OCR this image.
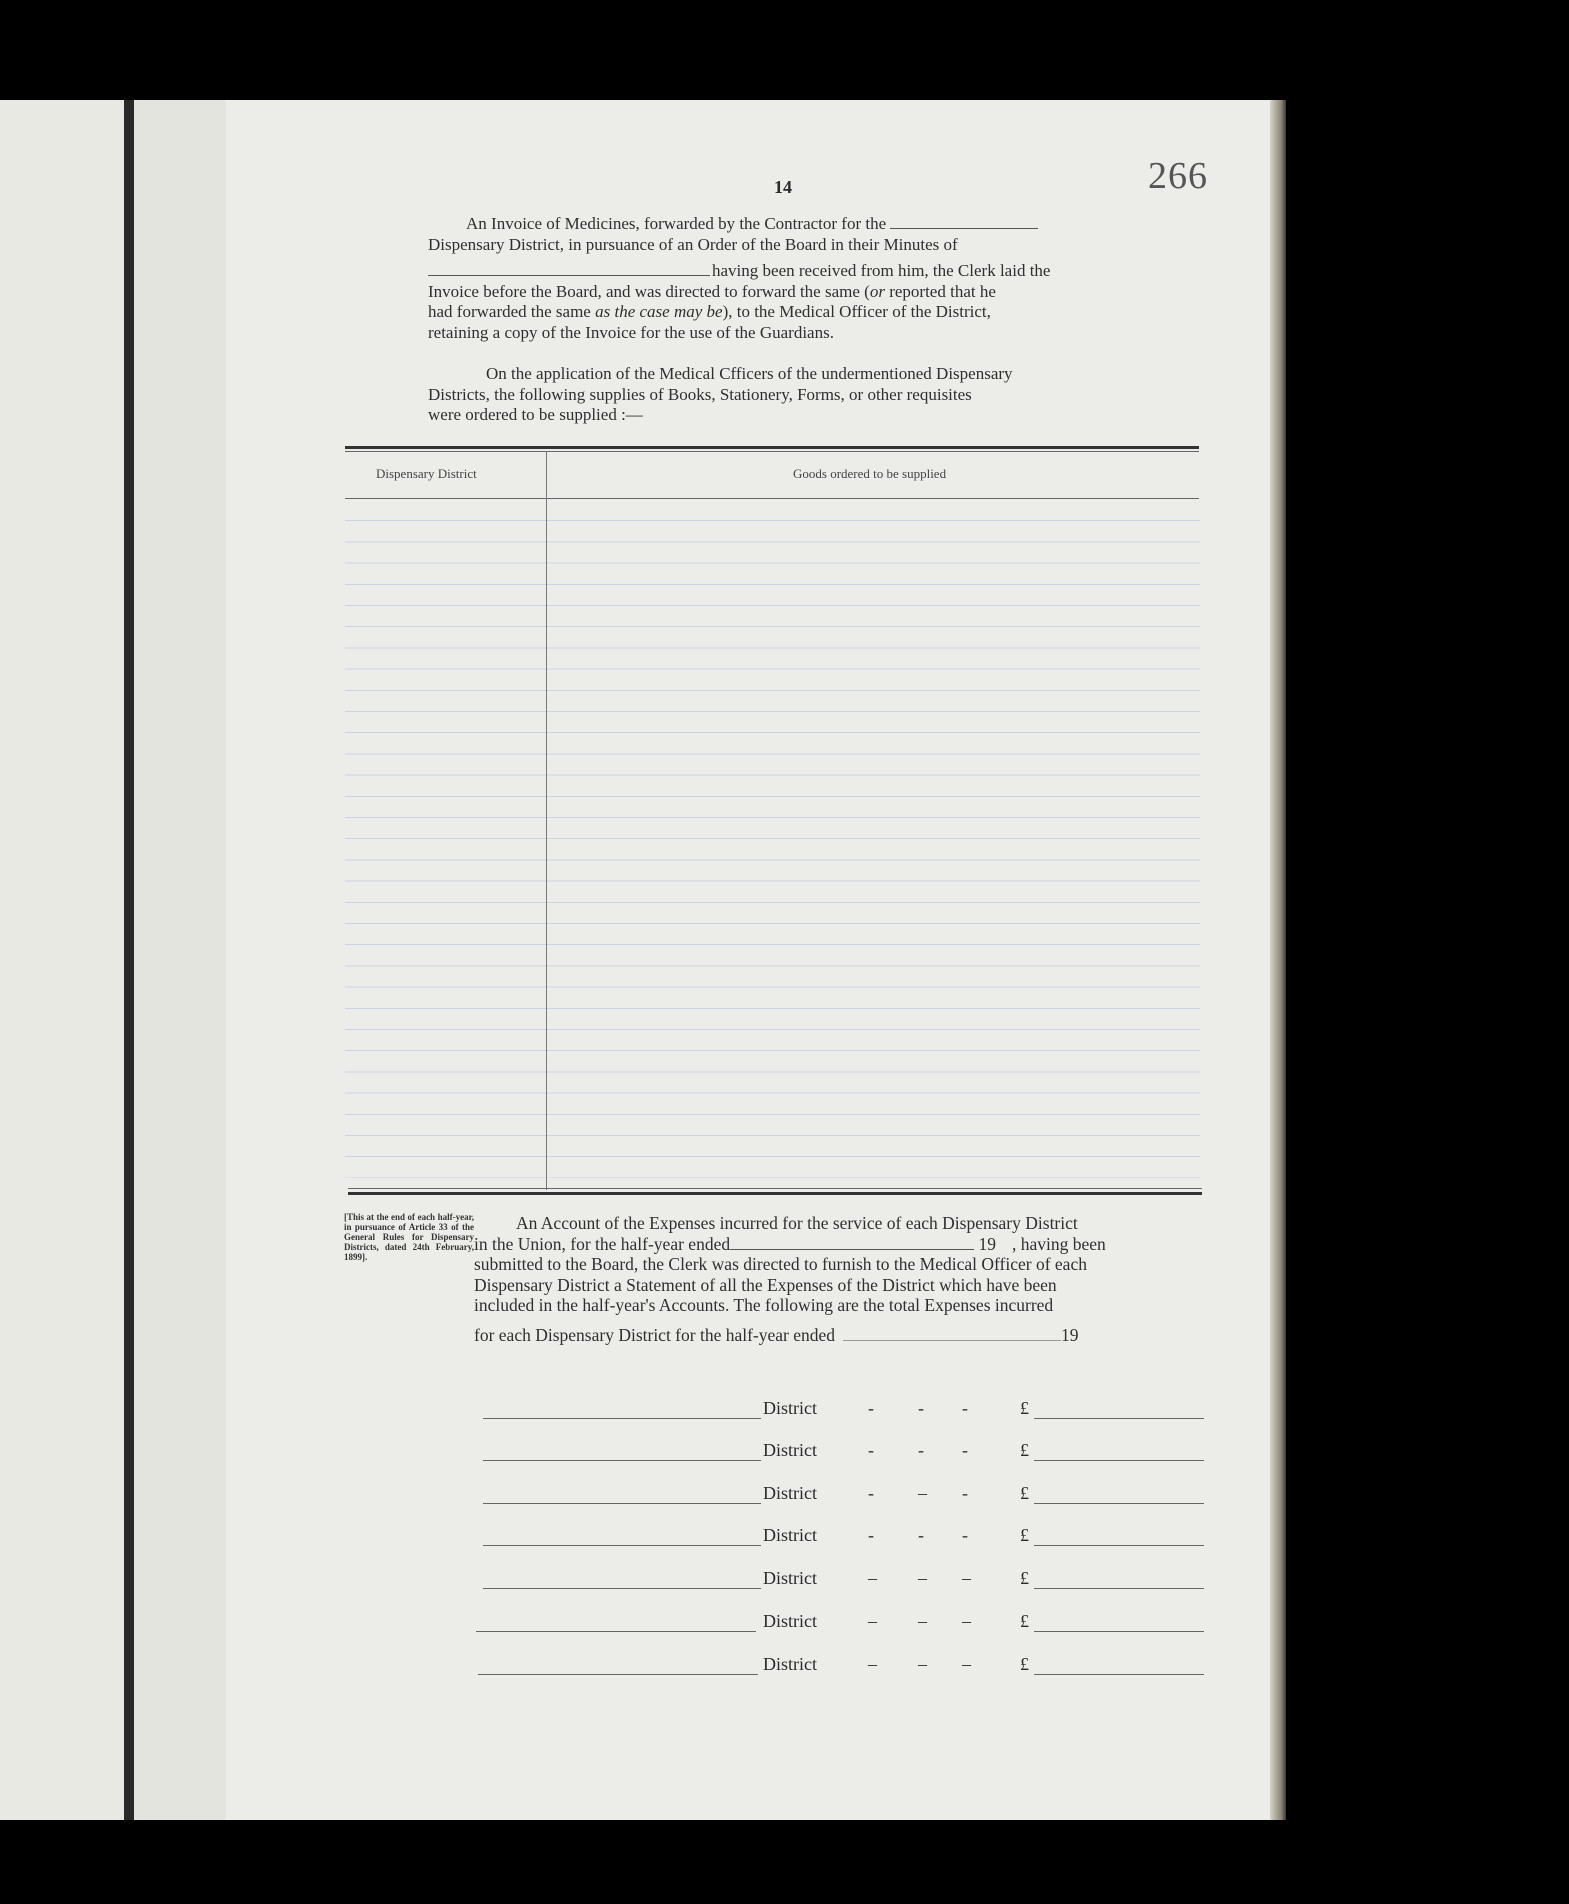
14	266
An Invoice of Medicines, forwarded by the Contractor for the
Dispensary District, in pursuance of an Order of the Board in their Minutes of
having been received from him, the Clerk laid the
Invoice before the Board, and was directed to forward the same (or reported that he
had forwarded the same as the case may be), to the Medical Officer of the District,
retaining a copy of the Invoice for the use of the Guardians.
On the application of the Medical Cfficers of the undermentioned Dispensary
Districts, the following supplies of Books, Stationery, Forms, or other requisites
were ordered to be supplied :—
Dispensary District	Goods ordered to be supplied
[This at the end of each half-year, in pursuance of Article 33 of the General Rules for Dispensary Districts, dated 24th February, 1899].
An Account of the Expenses incurred for the service of each Dispensary District
in the Union, for the half-year ended	19 , having been
submitted to the Board, the Clerk was directed to furnish to the Medical Officer of each
Dispensary District a Statement of all the Expenses of the District which have been
included in the half-year's Accounts. The following are the total Expenses incurred
for each Dispensary District for the half-year ended	19
District	- - -	£
District	- - -	£
District	- – -	£
District	- - -	£
District	– – –	£
District	– – –	£
District	– – –	£
